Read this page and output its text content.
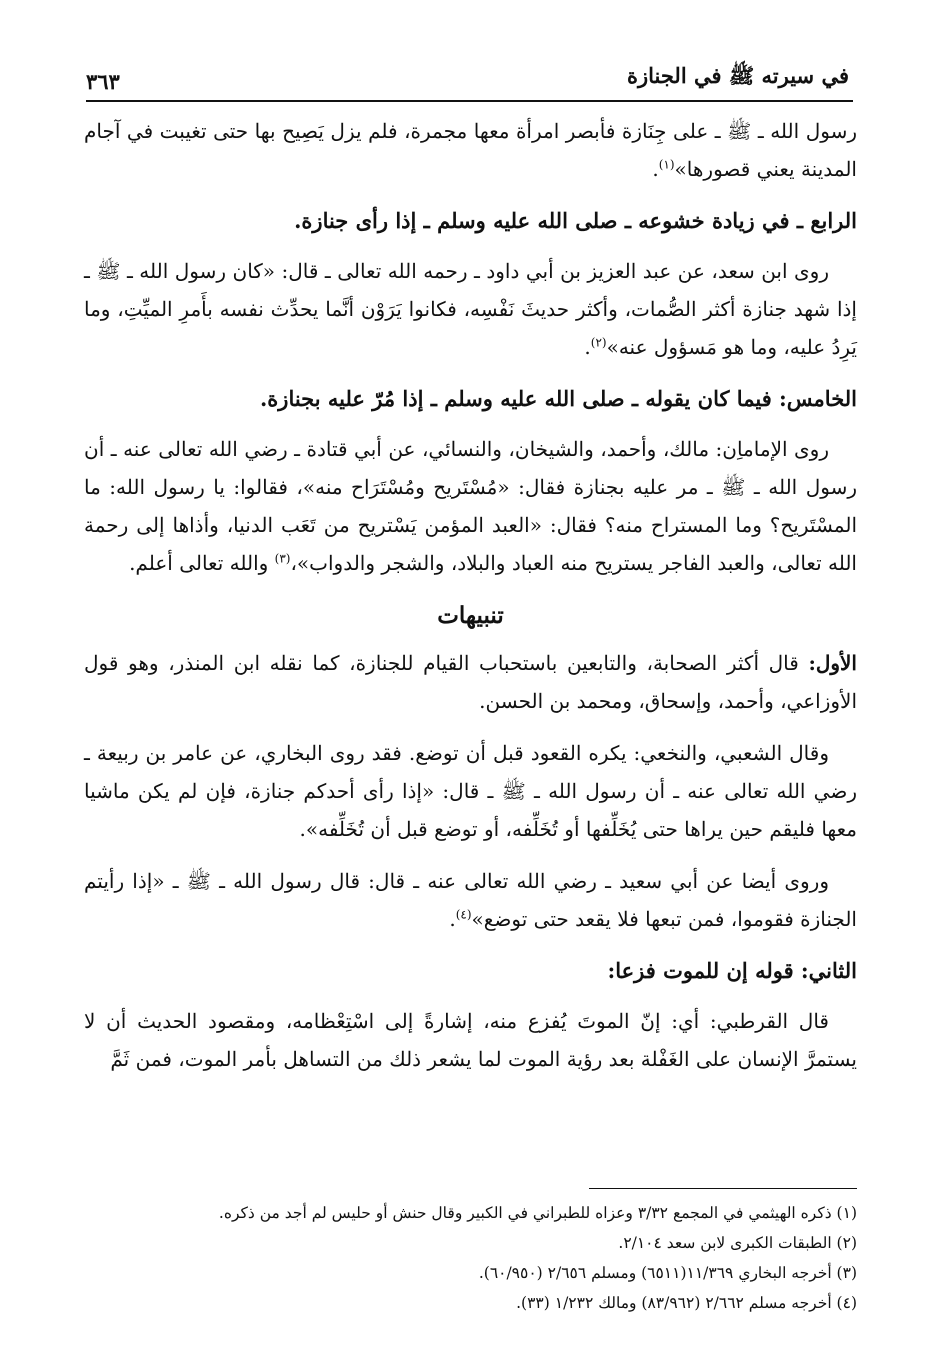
في سيرته ﷺ في الجنازة
٣٦٣

رسول الله ـ ﷺ ـ على جِنَازة فأبصر امرأة معها مجمرة، فلم يزل يَصِيح بها حتى تغيبت في آجام المدينة يعني قصورها»$^{(١)}$.

الرابع ـ في زيادة خشوعه ـ صلى الله عليه وسلم ـ إذا رأى جنازة.

روى ابن سعد، عن عبد العزيز بن أبي داود ـ رحمه الله تعالى ـ قال: «كان رسول الله ـ ﷺ ـ إذا شهد جنازة أكثر الصُّمات، وأكثر حديثَ نَفْسِه، فكانوا يَرَوْن أنَّما يحدِّث نفسه بأَمرِ الميِّتِ، وما يَرِدُ عليه، وما هو مَسؤول عنه»$^{(٢)}$.

الخامس: فيما كان يقوله ـ صلى الله عليه وسلم ـ إذا مُرّ عليه بجنازة.

روى الإماماِن: مالك، وأحمد، والشيخان، والنسائي، عن أبي قتادة ـ رضي الله تعالى عنه ـ أن رسول الله ـ ﷺ ـ مر عليه بجنازة فقال: «مُسْتَريح ومُسْتَرَاح منه»، فقالوا: يا رسول الله: ما المسْتَريح؟ وما المستراح منه؟ فقال: «العبد المؤمن يَسْتريح من تَعَب الدنيا، وأذاها إلى رحمة الله تعالى، والعبد الفاجر يستريح منه العباد والبلاد، والشجر والدواب»،$^{(٣)}$ والله تعالى أعلم.

تنبيهات

الأول: قال أكثر الصحابة، والتابعين باستحباب القيام للجنازة، كما نقله ابن المنذر، وهو قول الأوزاعي، وأحمد، وإسحاق، ومحمد بن الحسن.

وقال الشعبي، والنخعي: يكره القعود قبل أن توضع. فقد روى البخاري، عن عامر بن ربيعة ـ رضي الله تعالى عنه ـ أن رسول الله ـ ﷺ ـ قال: «إذا رأى أحدكم جنازة، فإن لم يكن ماشيا معها فليقم حين يراها حتى يُخَلِّفها أو تُخَلِّفه، أو توضع قبل أن تُخَلِّفه».

وروى أيضا عن أبي سعيد ـ رضي الله تعالى عنه ـ قال: قال رسول الله ـ ﷺ ـ «إذا رأيتم الجنازة فقوموا، فمن تبعها فلا يقعد حتى توضع»$^{(٤)}$.

الثاني: قوله إن للموت فزعا:

قال القرطبي: أي: إنّ الموتَ يُفزع منه، إشارةً إلى اسْتِعْظامه، ومقصود الحديث أن لا يستمرَّ الإنسان على الغَفْلة بعد رؤية الموت لما يشعر ذلك من التساهل بأمر الموت، فمن ثَمَّ

(١) ذكره الهيثمي في المجمع ٣/٣٢ وعزاه للطبراني في الكبير وقال حنش أو حليس لم أجد من ذكره.
(٢) الطبقات الكبرى لابن سعد ٢/١٠٤.
(٣) أخرجه البخاري ١١/٣٦٩(٦٥١١) ومسلم ٢/٦٥٦ (٦٠/٩٥٠).
(٤) أخرجه مسلم ٢/٦٦٢ (٨٣/٩٦٢) ومالك ١/٢٣٢ (٣٣).
